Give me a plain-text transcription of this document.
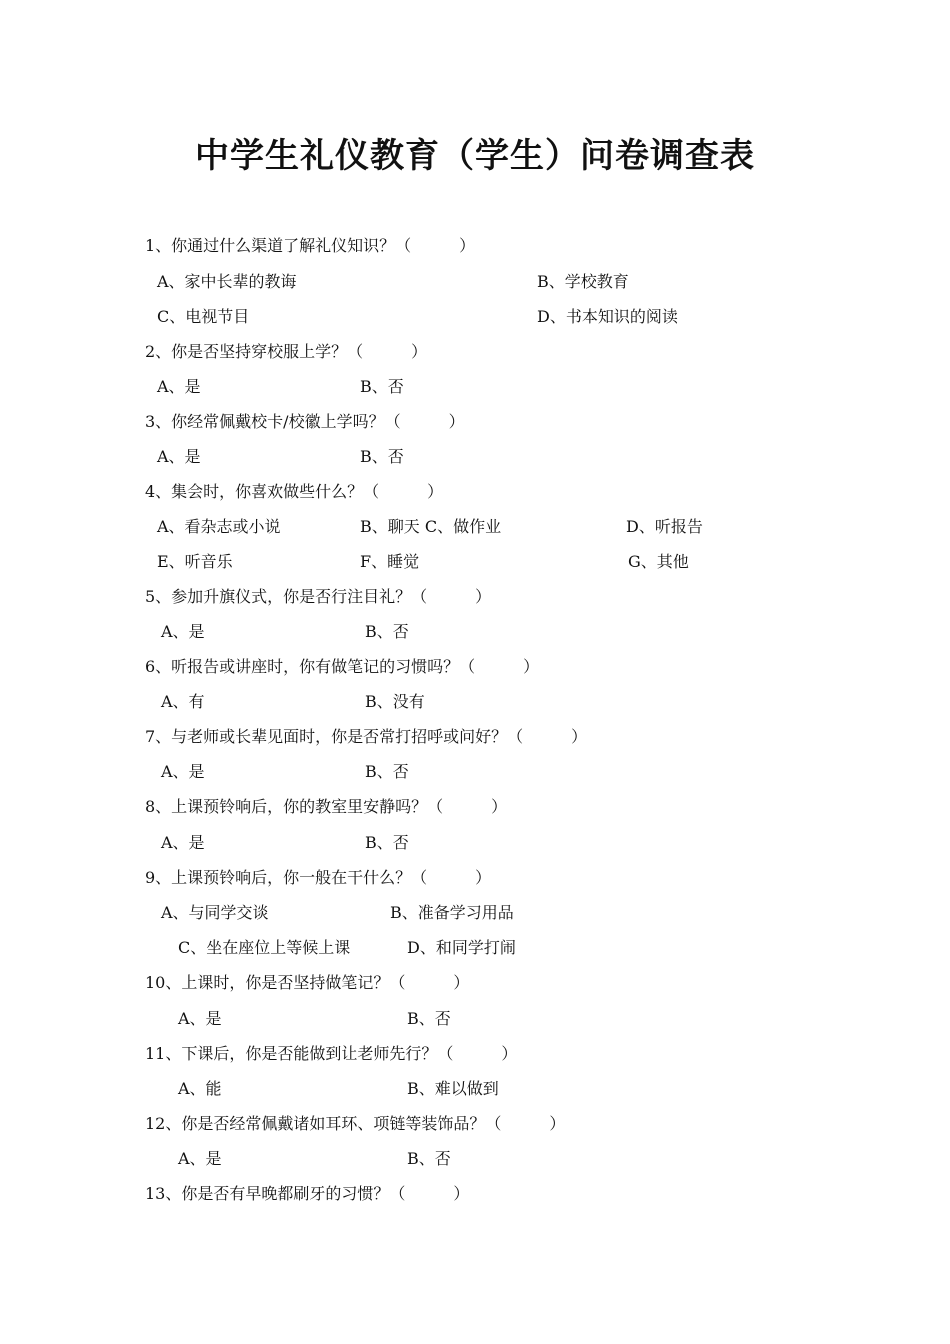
中学生礼仪教育（学生）问卷调查表
1、你通过什么渠道了解礼仪知识？（　　　）
A、家中长辈的教诲	B、学校教育
C、电视节目	D、书本知识的阅读
2、你是否坚持穿校服上学？（　　　）
A、是	B、否
3、你经常佩戴校卡/校徽上学吗？（　　　）
A、是	B、否
4、集会时，你喜欢做些什么？（　　　）
A、看杂志或小说	B、聊天 C、做作业	D、听报告
E、听音乐	F、睡觉	G、其他
5、参加升旗仪式，你是否行注目礼？（　　　）
A、是	B、否
6、听报告或讲座时，你有做笔记的习惯吗？（　　　）
A、有	B、没有
7、与老师或长辈见面时，你是否常打招呼或问好？（　　　）
A、是	B、否
8、上课预铃响后，你的教室里安静吗？（　　　）
A、是	B、否
9、上课预铃响后，你一般在干什么？（　　　）
A、与同学交谈	B、准备学习用品
C、坐在座位上等候上课	D、和同学打闹
10、上课时，你是否坚持做笔记？（　　　）
A、是	B、否
11、下课后，你是否能做到让老师先行？（　　　）
A、能	B、难以做到
12、你是否经常佩戴诸如耳环、项链等装饰品？（　　　）
A、是	B、否
13、你是否有早晚都刷牙的习惯？（　　　）
